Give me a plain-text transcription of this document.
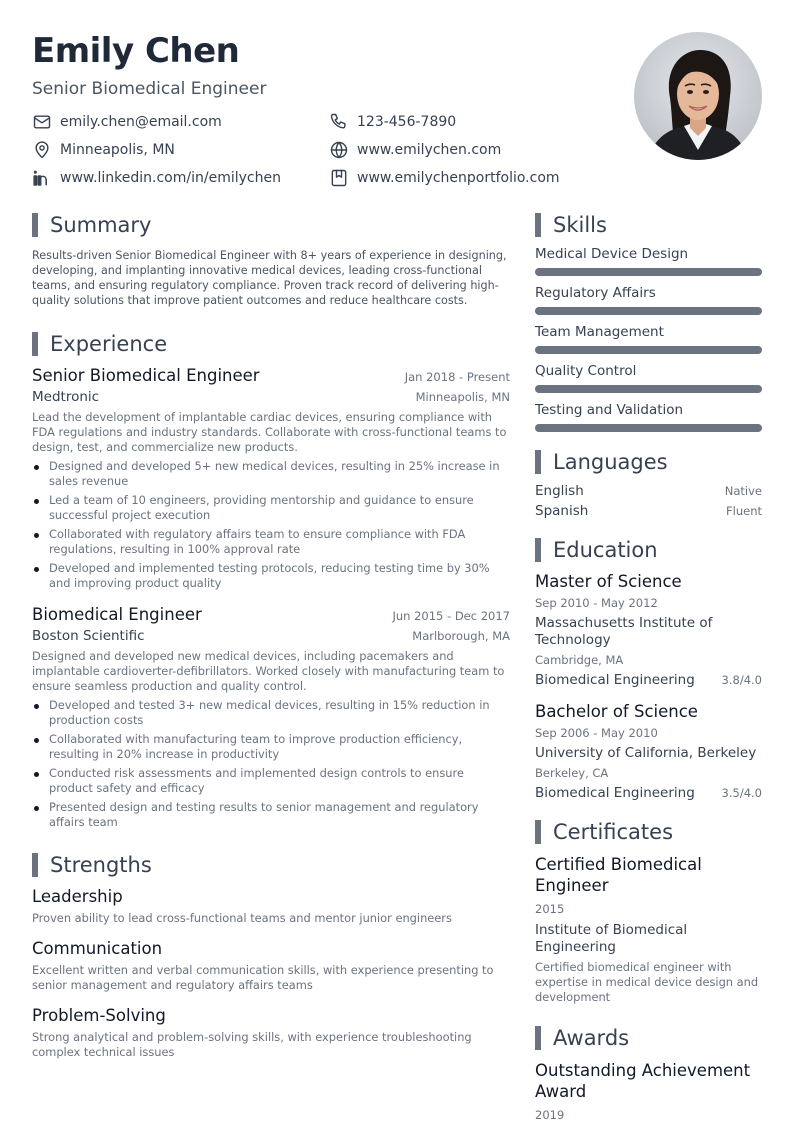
Emily Chen
Senior Biomedical Engineer
emily.chen@email.com	123-456-7890
Minneapolis, MN	www.emilychen.com
www.linkedin.com/in/emilychen	www.emilychenportfolio.com
Summary

Results-driven Senior Biomedical Engineer with 8+ years of experience in designing, developing, and implanting innovative medical devices, leading cross-functional teams, and ensuring regulatory compliance. Proven track record of delivering high-quality solutions that improve patient outcomes and reduce healthcare costs.

Experience
Senior Biomedical Engineer	Jan 2018 - Present
Medtronic	Minneapolis, MN

Lead the development of implantable cardiac devices, ensuring compliance with FDA regulations and industry standards. Collaborate with cross-functional teams to design, test, and commercialize new products.

Designed and developed 5+ new medical devices, resulting in 25% increase in sales revenue
Led a team of 10 engineers, providing mentorship and guidance to ensure successful project execution
Collaborated with regulatory affairs team to ensure compliance with FDA regulations, resulting in 100% approval rate
Developed and implemented testing protocols, reducing testing time by 30% and improving product quality
Biomedical Engineer	Jun 2015 - Dec 2017
Boston Scientific	Marlborough, MA

Designed and developed new medical devices, including pacemakers and implantable cardioverter-defibrillators. Worked closely with manufacturing team to ensure seamless production and quality control.

Developed and tested 3+ new medical devices, resulting in 15% reduction in production costs
Collaborated with manufacturing team to improve production efficiency, resulting in 20% increase in productivity
Conducted risk assessments and implemented design controls to ensure product safety and efficacy
Presented design and testing results to senior management and regulatory affairs team
Strengths
Leadership

Proven ability to lead cross-functional teams and mentor junior engineers

Communication

Excellent written and verbal communication skills, with experience presenting to senior management and regulatory affairs teams

Problem-Solving

Strong analytical and problem-solving skills, with experience troubleshooting complex technical issues

Skills
Medical Device Design
Regulatory Affairs
Team Management
Quality Control
Testing and Validation
Languages
English	Native
Spanish	Fluent
Education
Master of Science
Sep 2010 - May 2012
Massachusetts Institute of Technology
Cambridge, MA
Biomedical Engineering 3.8/4.0
Bachelor of Science
Sep 2006 - May 2010
University of California, Berkeley
Berkeley, CA
Biomedical Engineering 3.5/4.0
Certificates
Certified Biomedical Engineer
2015
Institute of Biomedical Engineering

Certified biomedical engineer with expertise in medical device design and development

Awards
Outstanding Achievement Award
2019
